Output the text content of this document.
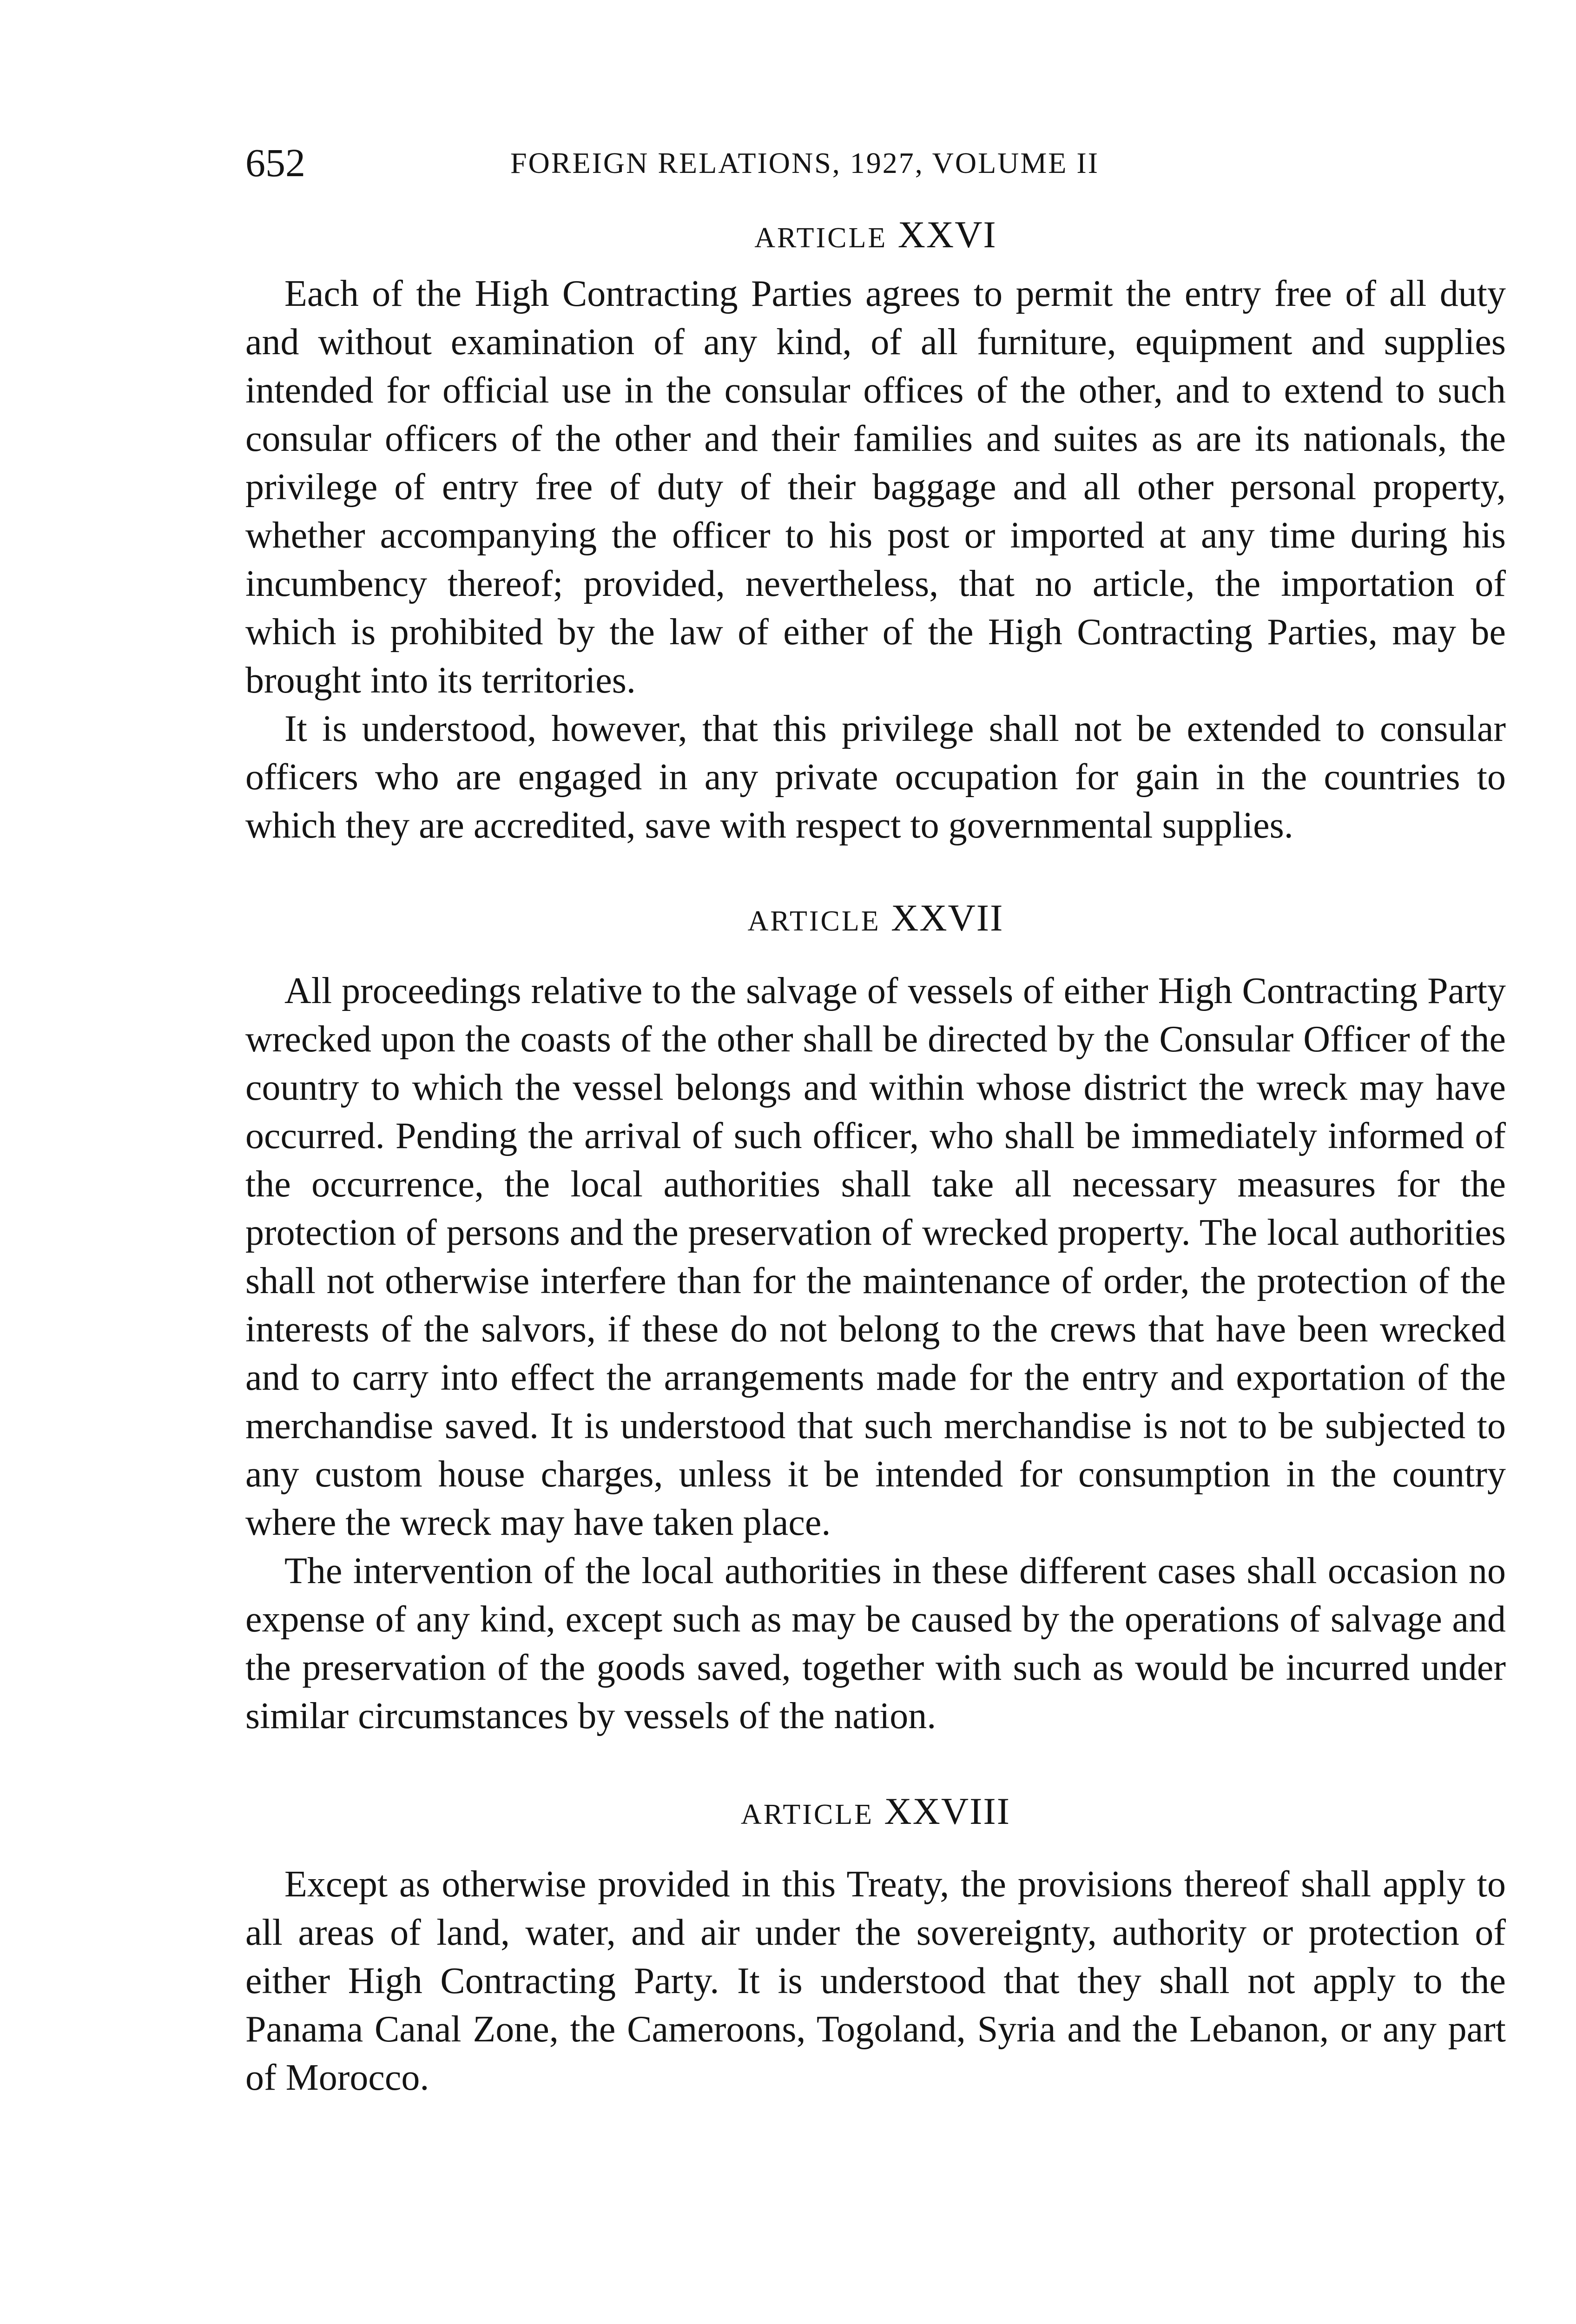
652	FOREIGN RELATIONS, 1927, VOLUME II
ARTICLE XXVI

Each of the High Contracting Parties agrees to permit the entry free of all duty and without examination of any kind, of all furniture, equipment and supplies intended for official use in the consular offices of the other, and to extend to such consular officers of the other and their families and suites as are its nationals, the privilege of entry free of duty of their baggage and all other personal property, whether accompanying the officer to his post or imported at any time during his incumbency thereof; provided, nevertheless, that no article, the importation of which is prohibited by the law of either of the High Contracting Parties, may be brought into its territories.

It is understood, however, that this privilege shall not be extended to consular officers who are engaged in any private occupation for gain in the countries to which they are accredited, save with respect to governmental supplies.

ARTICLE XXVII

All proceedings relative to the salvage of vessels of either High Contracting Party wrecked upon the coasts of the other shall be directed by the Consular Officer of the country to which the vessel belongs and within whose district the wreck may have occurred. Pending the arrival of such officer, who shall be immediately informed of the occurrence, the local authorities shall take all necessary measures for the protection of persons and the preservation of wrecked property. The local authorities shall not otherwise interfere than for the maintenance of order, the protection of the interests of the salvors, if these do not belong to the crews that have been wrecked and to carry into effect the arrangements made for the entry and exportation of the merchandise saved. It is understood that such merchandise is not to be subjected to any custom house charges, unless it be intended for consumption in the country where the wreck may have taken place.

The intervention of the local authorities in these different cases shall occasion no expense of any kind, except such as may be caused by the operations of salvage and the preservation of the goods saved, together with such as would be incurred under similar circumstances by vessels of the nation.

ARTICLE XXVIII

Except as otherwise provided in this Treaty, the provisions thereof shall apply to all areas of land, water, and air under the sovereignty, authority or protection of either High Contracting Party. It is understood that they shall not apply to the Panama Canal Zone, the Cameroons, Togoland, Syria and the Lebanon, or any part of Morocco.
